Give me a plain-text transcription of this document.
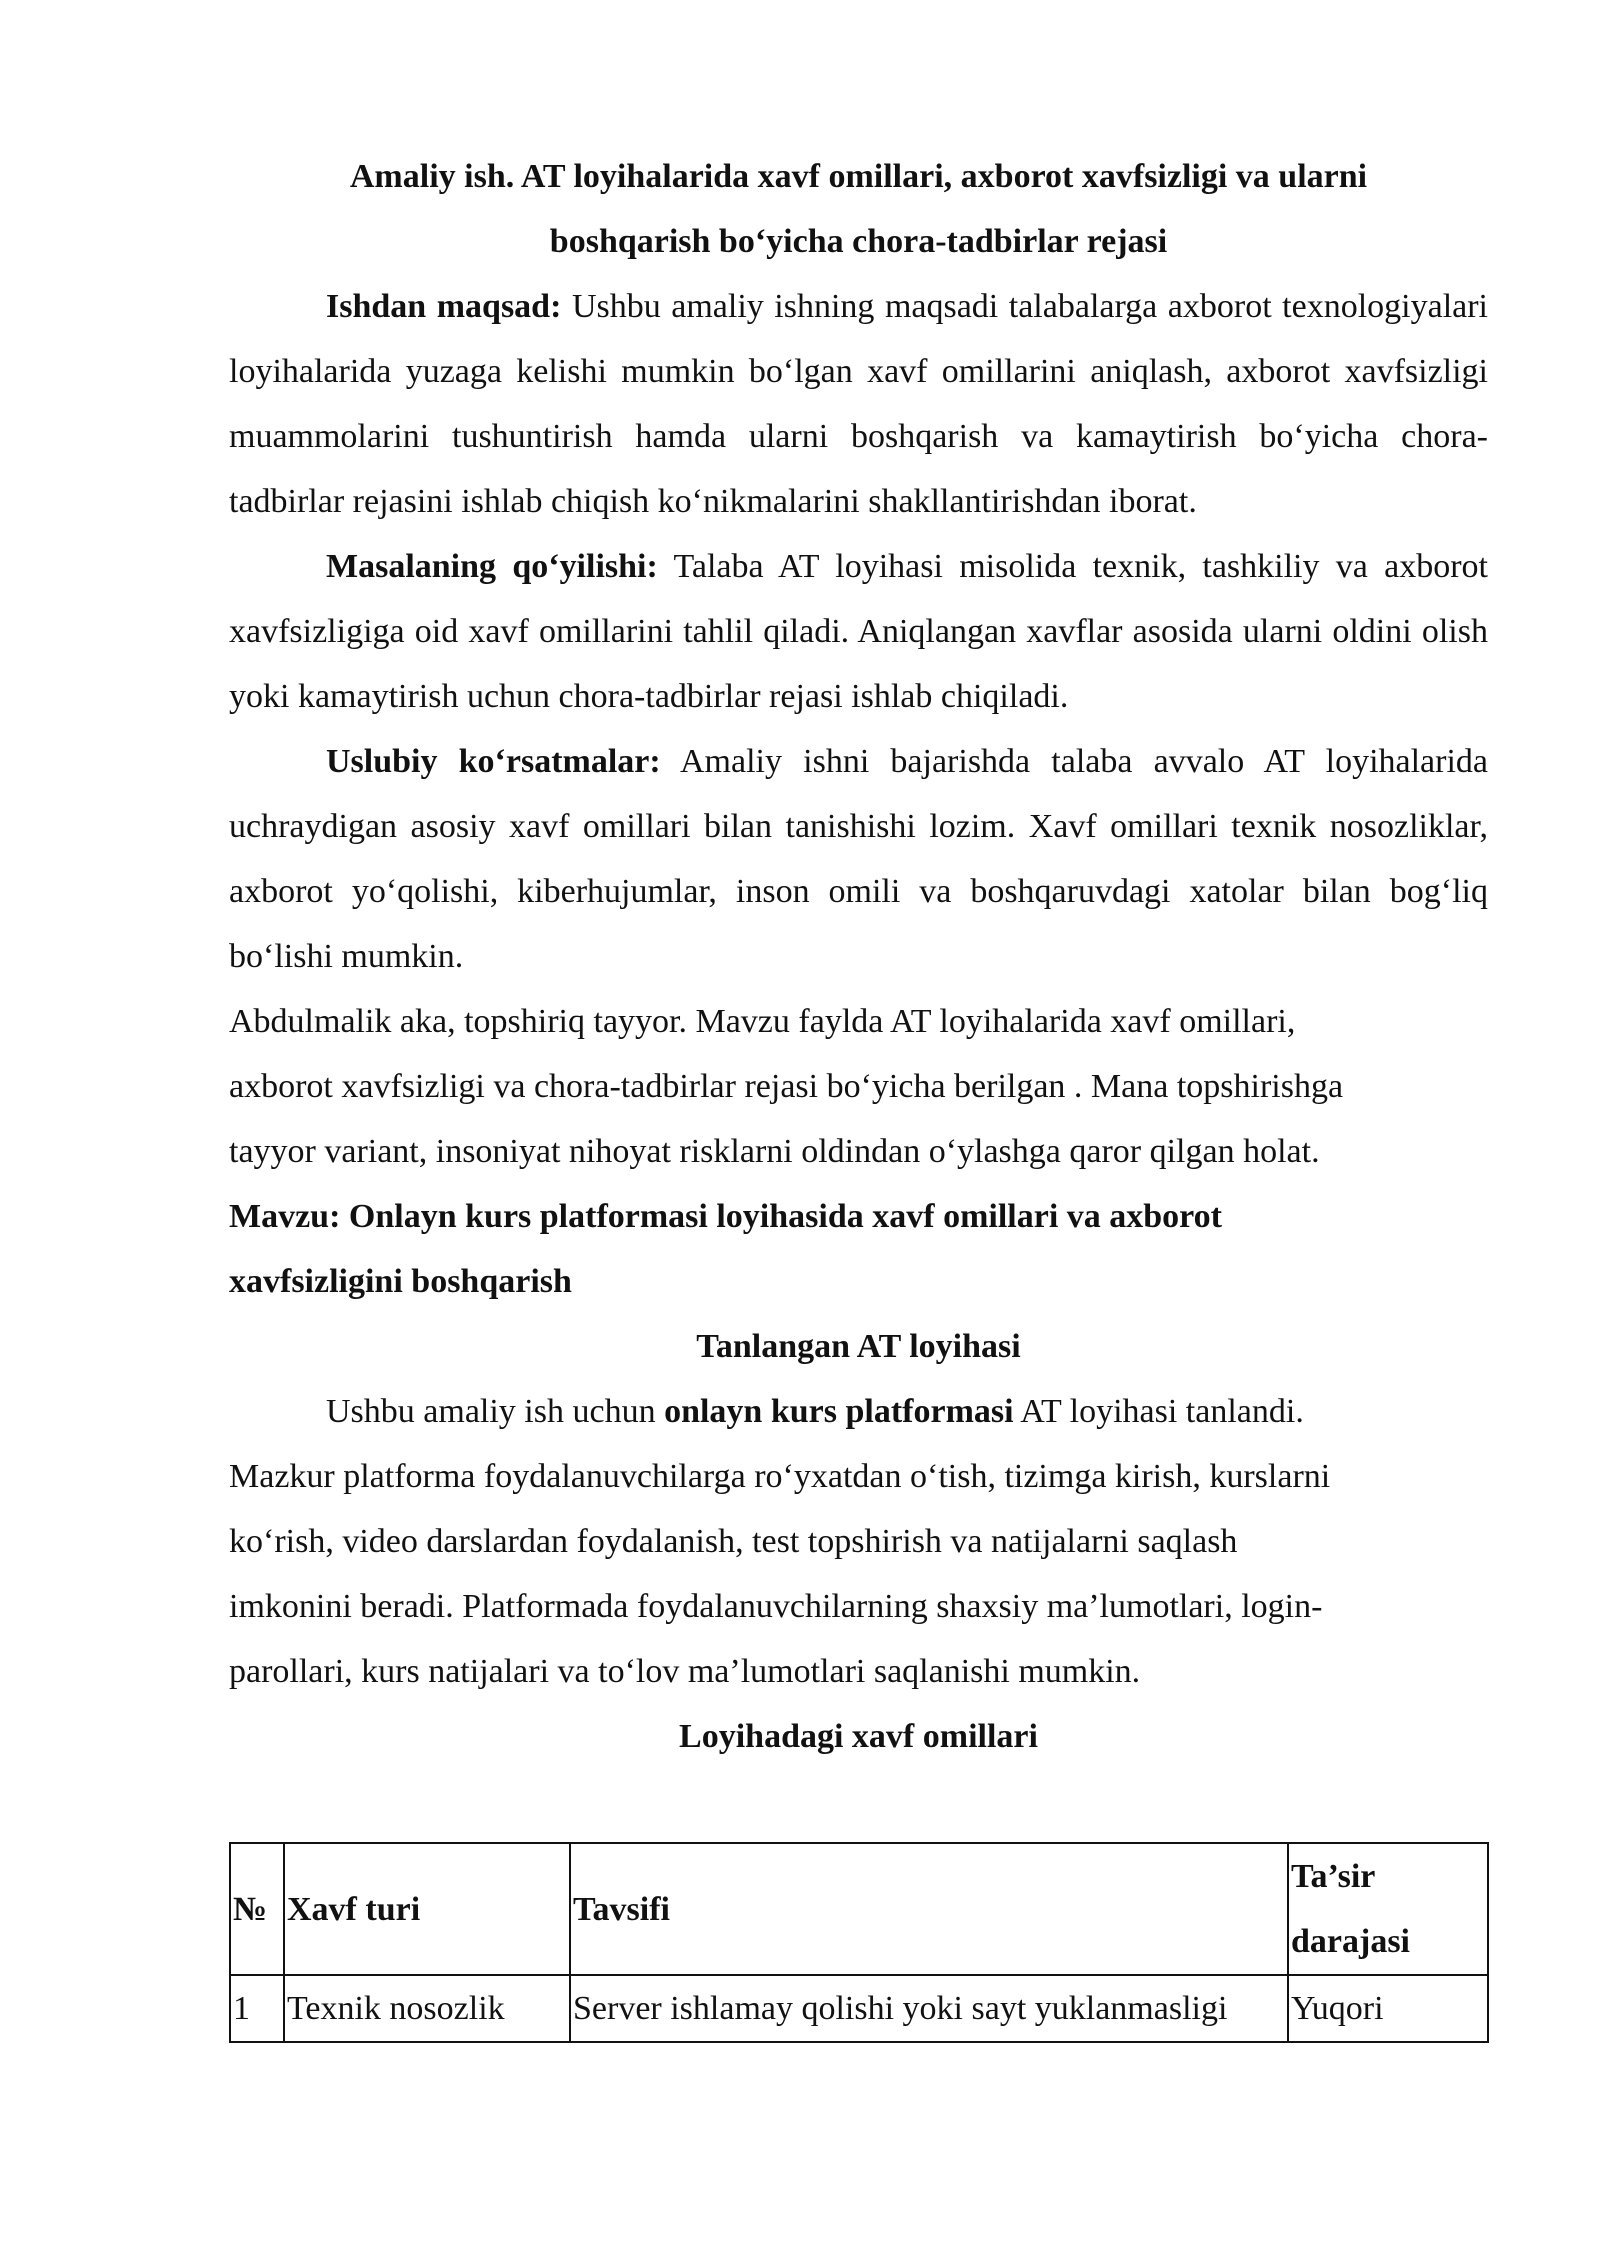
Amaliy ish. AT loyihalarida xavf omillari, axborot xavfsizligi va ularni
boshqarish bo‘yicha chora-tadbirlar rejasi

Ishdan maqsad: Ushbu amaliy ishning maqsadi talabalarga axborot texnologiyalari loyihalarida yuzaga kelishi mumkin bo‘lgan xavf omillarini aniqlash, axborot xavfsizligi muammolarini tushuntirish hamda ularni boshqarish va kamaytirish bo‘yicha chora-tadbirlar rejasini ishlab chiqish ko‘nikmalarini shakllantirishdan iborat.

Masalaning qo‘yilishi: Talaba AT loyihasi misolida texnik, tashkiliy va axborot xavfsizligiga oid xavf omillarini tahlil qiladi. Aniqlangan xavflar asosida ularni oldini olish yoki kamaytirish uchun chora-tadbirlar rejasi ishlab chiqiladi.

Uslubiy ko‘rsatmalar: Amaliy ishni bajarishda talaba avvalo AT loyihalarida uchraydigan asosiy xavf omillari bilan tanishishi lozim. Xavf omillari texnik nosozliklar, axborot yo‘qolishi, kiberhujumlar, inson omili va boshqaruvdagi xatolar bilan bog‘liq bo‘lishi mumkin.

Abdulmalik aka, topshiriq tayyor. Mavzu faylda AT loyihalarida xavf omillari,
axborot xavfsizligi va chora-tadbirlar rejasi bo‘yicha berilgan . Mana topshirishga
tayyor variant, insoniyat nihoyat risklarni oldindan o‘ylashga qaror qilgan holat.

Mavzu: Onlayn kurs platformasi loyihasida xavf omillari va axborot
xavfsizligini boshqarish

Tanlangan AT loyihasi

Ushbu amaliy ish uchun onlayn kurs platformasi AT loyihasi tanlandi.
Mazkur platforma foydalanuvchilarga ro‘yxatdan o‘tish, tizimga kirish, kurslarni
ko‘rish, video darslardan foydalanish, test topshirish va natijalarni saqlash
imkonini beradi. Platformada foydalanuvchilarning shaxsiy ma’lumotlari, login-
parollari, kurs natijalari va to‘lov ma’lumotlari saqlanishi mumkin.

Loyihadagi xavf omillari

№	Xavf turi	Tavsifi	Ta’sir darajasi
1	Texnik nosozlik	Server ishlamay qolishi yoki sayt yuklanmasligi	Yuqori
